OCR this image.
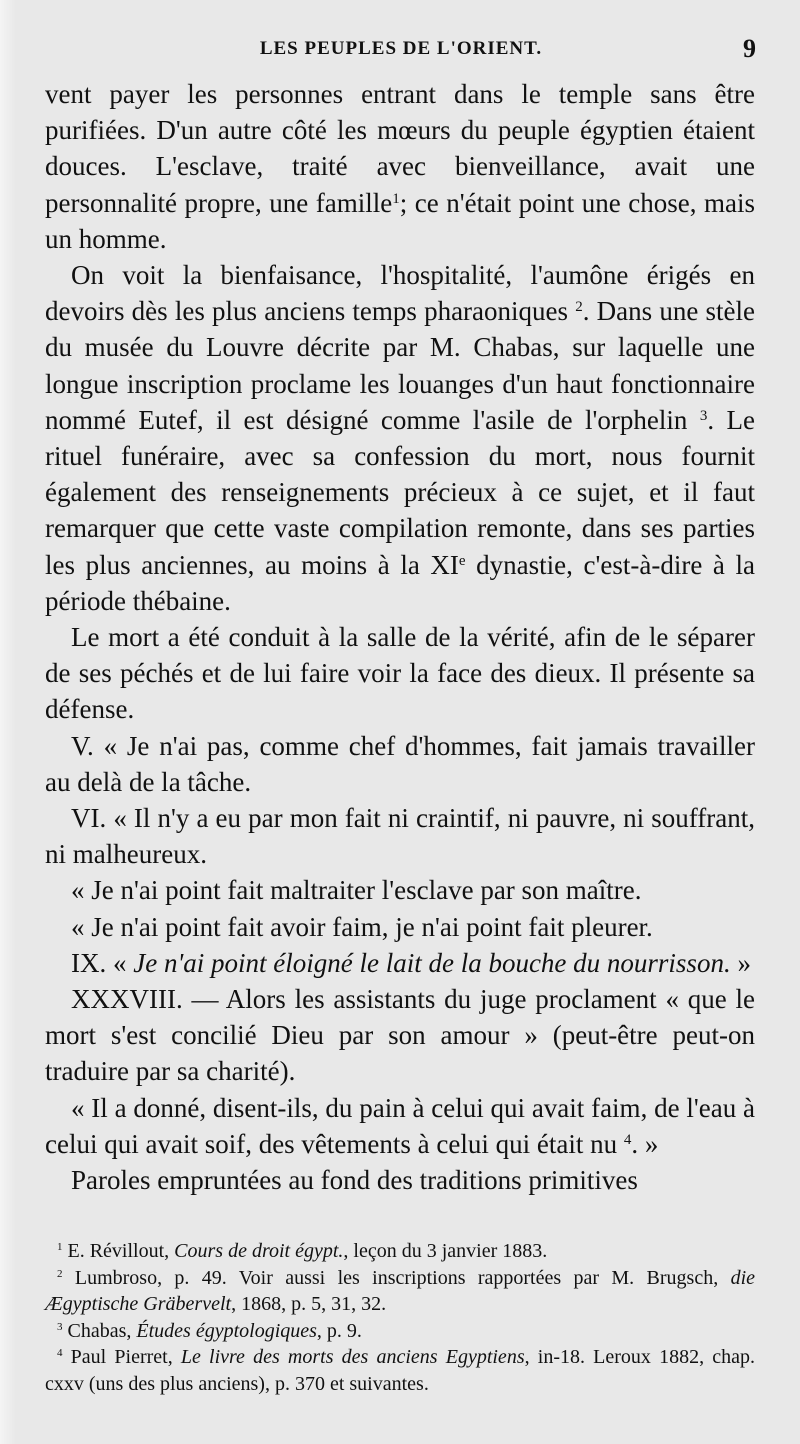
LES PEUPLES DE L'ORIENT.	9

vent payer les personnes entrant dans le temple sans être purifiées. D'un autre côté les mœurs du peuple égyptien étaient douces. L'esclave, traité avec bienveillance, avait une personnalité propre, une famille$^1$; ce n'était point une chose, mais un homme.

On voit la bienfaisance, l'hospitalité, l'aumône érigés en devoirs dès les plus anciens temps pharaoniques $^2$. Dans une stèle du musée du Louvre décrite par M. Chabas, sur laquelle une longue inscription proclame les louanges d'un haut fonctionnaire nommé Eutef, il est désigné comme l'asile de l'orphelin $^3$. Le rituel funéraire, avec sa confession du mort, nous fournit également des renseignements précieux à ce sujet, et il faut remarquer que cette vaste compilation remonte, dans ses parties les plus anciennes, au moins à la XIe dynastie, c'est-à-dire à la période thébaine.

Le mort a été conduit à la salle de la vérité, afin de le séparer de ses péchés et de lui faire voir la face des dieux. Il présente sa défense.

V. « Je n'ai pas, comme chef d'hommes, fait jamais travailler au delà de la tâche.

VI. « Il n'y a eu par mon fait ni craintif, ni pauvre, ni souffrant, ni malheureux.

« Je n'ai point fait maltraiter l'esclave par son maître.

« Je n'ai point fait avoir faim, je n'ai point fait pleurer.

IX. « Je n'ai point éloigné le lait de la bouche du nourrisson. »

XXXVIII. — Alors les assistants du juge proclament « que le mort s'est concilié Dieu par son amour » (peut-être peut-on traduire par sa charité).

« Il a donné, disent-ils, du pain à celui qui avait faim, de l'eau à celui qui avait soif, des vêtements à celui qui était nu $^4$. »

Paroles empruntées au fond des traditions primitives

$^1$ E. Révillout, Cours de droit égypt., leçon du 3 janvier 1883.

$^2$ Lumbroso, p. 49. Voir aussi les inscriptions rapportées par M. Brugsch, die Ægyptische Gräbervelt, 1868, p. 5, 31, 32.

$^3$ Chabas, Études égyptologiques, p. 9.

$^4$ Paul Pierret, Le livre des morts des anciens Egyptiens, in-18. Leroux 1882, chap. cxxv (uns des plus anciens), p. 370 et suivantes.
